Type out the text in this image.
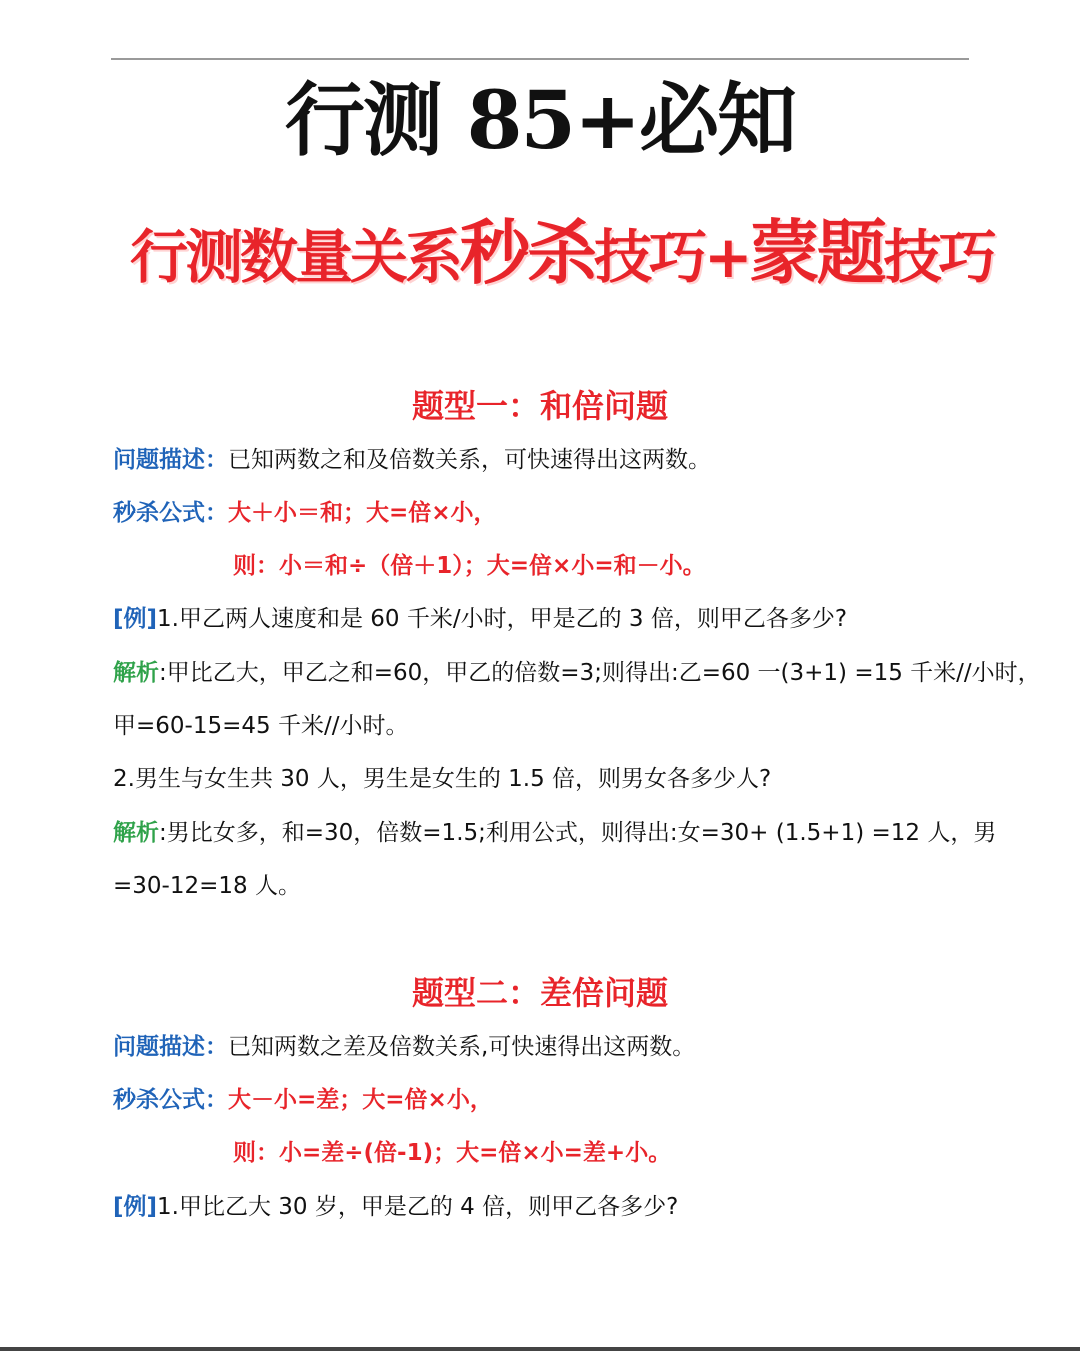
行测 85+必知
行测数量关系秒杀技巧+蒙题技巧
题型一：和倍问题
问题描述：已知两数之和及倍数关系，可快速得出这两数。
秒杀公式：大＋小＝和；大=倍×小，
则：小＝和÷（倍＋1）；大=倍×小=和－小。
[例]1.甲乙两人速度和是 60 千米/小时，甲是乙的 3 倍，则甲乙各多少?
解析:甲比乙大，甲乙之和=60，甲乙的倍数=3;则得出:乙=60 一(3+1) =15 千米//小时，
甲=60-15=45 千米//小时。
2.男生与女生共 30 人，男生是女生的 1.5 倍，则男女各多少人?
解析:男比女多，和=30，倍数=1.5;利用公式，则得出:女=30+ (1.5+1) =12 人，男
=30-12=18 人。
题型二：差倍问题
问题描述：已知两数之差及倍数关系,可快速得出这两数。
秒杀公式：大－小=差；大=倍×小，
则：小=差÷(倍-1)；大=倍×小=差+小。
[例]1.甲比乙大 30 岁，甲是乙的 4 倍，则甲乙各多少?
